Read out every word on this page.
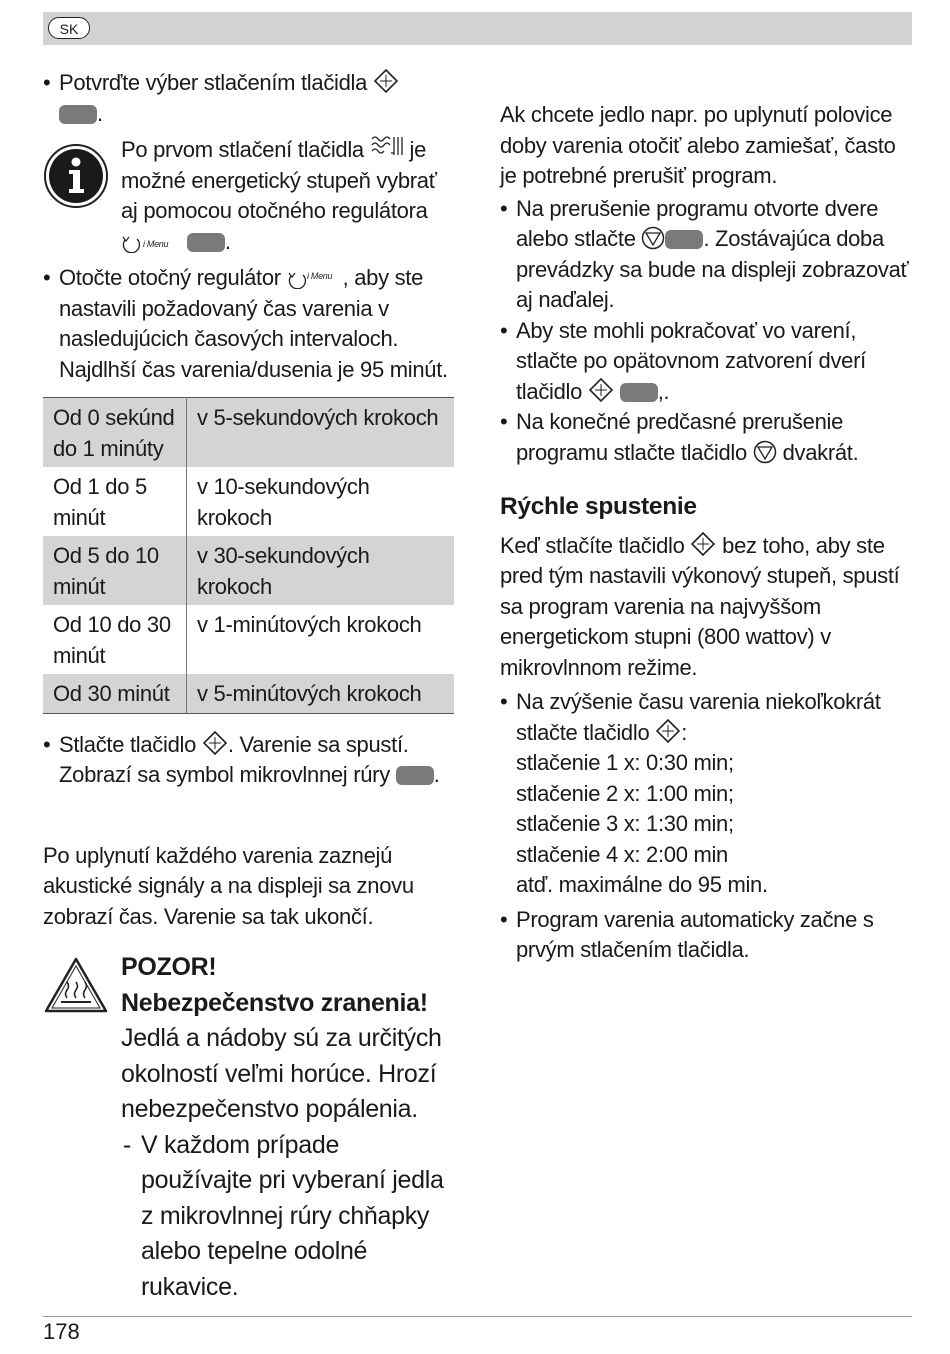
SK
• Potvrďte výber stlačením tlačidla
.
Po prvom stlačení tlačidla je možné energetický stupeň vybrať aj pomocou otočného regulátora

i Menu	.
• Otočte otočný regulátor	i Menu , aby ste nastavili požadovaný čas varenia v nasledujúcich časových intervaloch. Najdlhší čas varenia/dusenia je 95 minút.
Od 0 sekúnd do 1 minúty	v 5-sekundových krokoch
Od 1 do 5 minút	v 10-sekundových krokoch
Od 5 do 10 minút	v 30-sekundových krokoch
Od 10 do 30 minút	v 1-minútových krokoch
Od 30 minút	v 5-minútových krokoch
• Stlačte tlačidlo . Varenie sa spustí. Zobrazí sa symbol mikrovlnnej rúry .
Po uplynutí každého varenia zaznejú akustické signály a na displeji sa znovu zobrazí čas. Varenie sa tak ukončí.
POZOR!
Nebezpečenstvo zranenia!
Jedlá a nádoby sú za určitých okolností veľmi horúce. Hrozí nebezpečenstvo popálenia.
- V každom prípade používajte pri vyberaní jedla z mikrovlnnej rúry chňapky alebo tepelne odolné rukavice.
Ak chcete jedlo napr. po uplynutí polovice doby varenia otočiť alebo zamiešať, často je potrebné prerušiť program.
• Na prerušenie programu otvorte dvere alebo stlačte	. Zostávajúca doba prevádzky sa bude na displeji zobrazovať aj naďalej.
• Aby ste mohli pokračovať vo varení, stlačte po opätovnom zatvorení dverí tlačidlo	,.
• Na konečné predčasné prerušenie programu stlačte tlačidlo dvakrát.
Rýchle spustenie
Keď stlačíte tlačidlo bez toho, aby ste pred tým nastavili výkonový stupeň, spustí sa program varenia na najvyššom energetickom stupni (800 wattov) v mikrovlnnom režime.
• Na zvýšenie času varenia niekoľkokrát stlačte tlačidlo :
stlačenie 1 x: 0:30 min;
stlačenie 2 x: 1:00 min;
stlačenie 3 x: 1:30 min;
stlačenie 4 x: 2:00 min
atď. maximálne do 95 min.
• Program varenia automaticky začne s prvým stlačením tlačidla.
178
